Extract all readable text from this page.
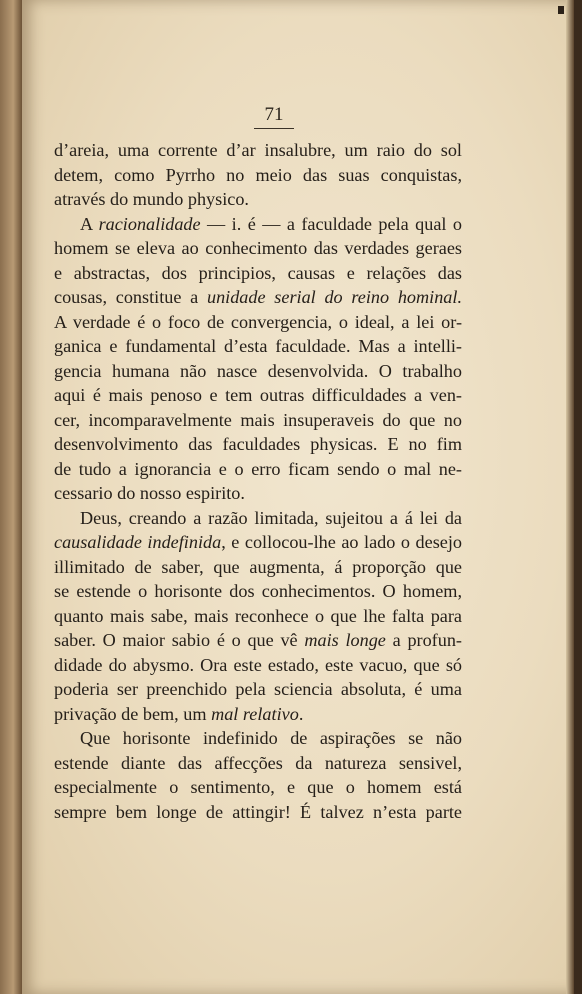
71
d’areia, uma corrente d’ar insalubre, um raio do sol
detem, como Pyrrho no meio das suas conquistas,
através do mundo physico.
A racionalidade — i. é — a faculdade pela qual o
homem se eleva ao conhecimento das verdades geraes
e abstractas, dos principios, causas e relações das
cousas, constitue a unidade serial do reino hominal.
A verdade é o foco de convergencia, o ideal, a lei or-
ganica e fundamental d’esta faculdade. Mas a intelli-
gencia humana não nasce desenvolvida. O trabalho
aqui é mais penoso e tem outras difficuldades a ven-
cer, incomparavelmente mais insuperaveis do que no
desenvolvimento das faculdades physicas. E no fim
de tudo a ignorancia e o erro ficam sendo o mal ne-
cessario do nosso espirito.
Deus, creando a razão limitada, sujeitou a á lei da
causalidade indefinida, e collocou-lhe ao lado o desejo
illimitado de saber, que augmenta, á proporção que
se estende o horisonte dos conhecimentos. O homem,
quanto mais sabe, mais reconhece o que lhe falta para
saber. O maior sabio é o que vê mais longe a profun-
didade do abysmo. Ora este estado, este vacuo, que só
poderia ser preenchido pela sciencia absoluta, é uma
privação de bem, um mal relativo.
Que horisonte indefinido de aspirações se não
estende diante das affecções da natureza sensivel,
especialmente o sentimento, e que o homem está
sempre bem longe de attingir! É talvez n’esta parte
